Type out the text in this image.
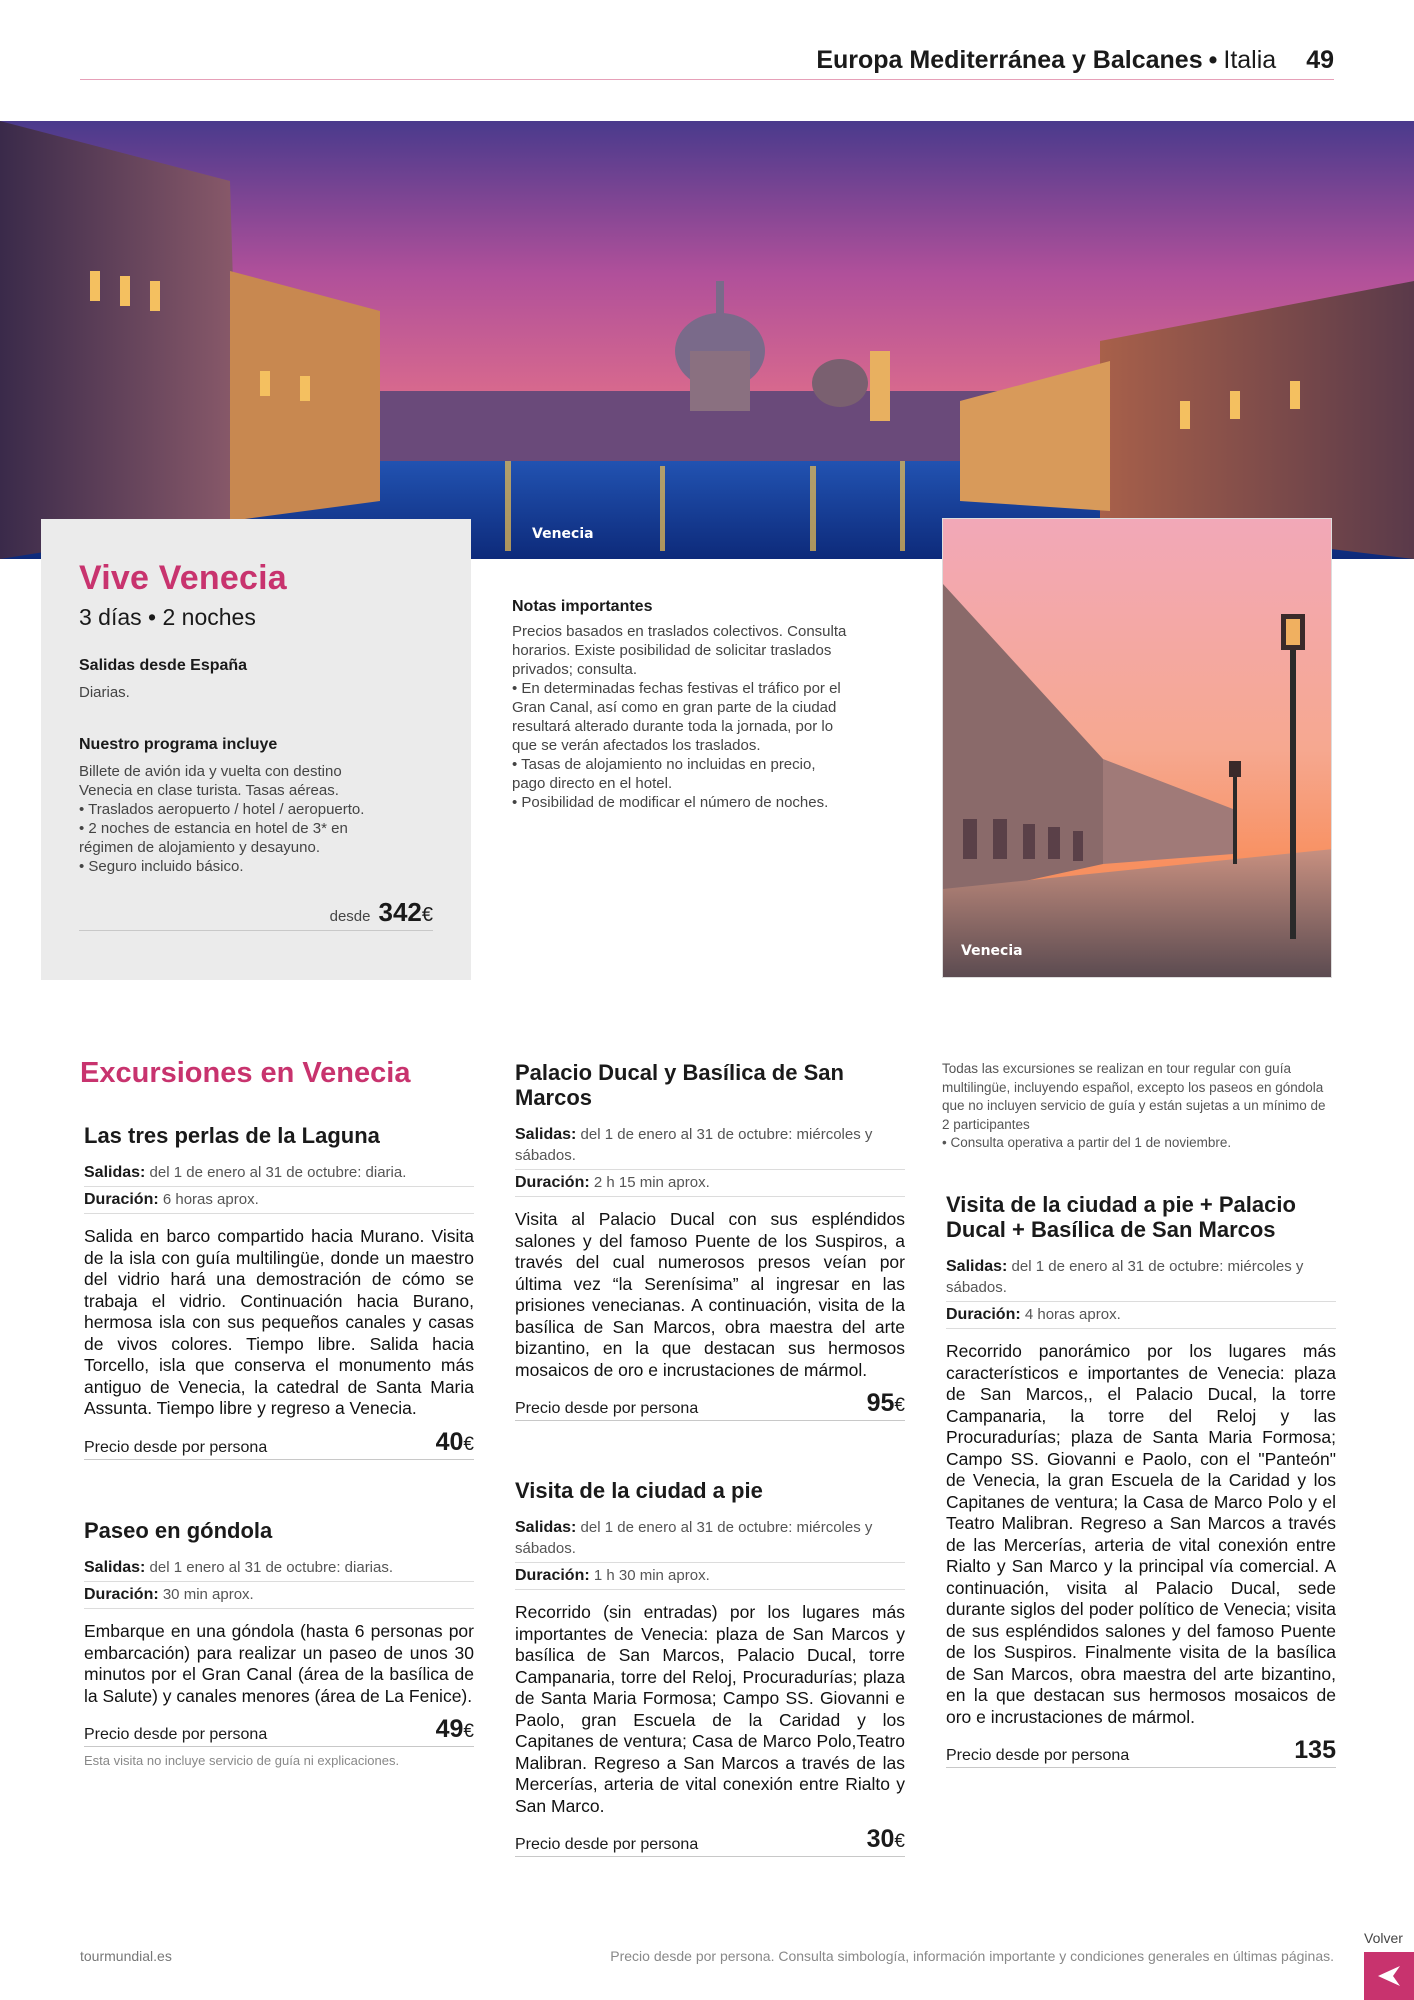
Europa Mediterránea y Balcanes • Italia 49
Venecia
Vive Venecia
3 días • 2 noches
Salidas desde España
Diarias.
Nuestro programa incluye
Billete de avión ida y vuelta con destino
Venecia en clase turista. Tasas aéreas.
• Traslados aeropuerto / hotel / aeropuerto.
• 2 noches de estancia en hotel de 3* en
régimen de alojamiento y desayuno.
• Seguro incluido básico.
desde 342€
Notas importantes
Precios basados en traslados colectivos. Consulta
horarios. Existe posibilidad de solicitar traslados
privados; consulta.
• En determinadas fechas festivas el tráfico por el
Gran Canal, así como en gran parte de la ciudad
resultará alterado durante toda la jornada, por lo
que se verán afectados los traslados.
• Tasas de alojamiento no incluidas en precio,
pago directo en el hotel.
• Posibilidad de modificar el número de noches.
Venecia
Excursiones en Venecia
Las tres perlas de la Laguna
Salidas: del 1 de enero al 31 de octubre: diaria.
Duración: 6 horas aprox.
Salida en barco compartido hacia Murano. Visita de la isla con guía multilingüe, donde un maestro del vidrio hará una demostración de cómo se trabaja el vidrio. Continuación hacia Burano, hermosa isla con sus pequeños canales y casas de vivos colores. Tiempo libre. Salida hacia Torcello, isla que conserva el monumento más antiguo de Venecia, la catedral de Santa Maria Assunta. Tiempo libre y regreso a Venecia.
Precio desde por persona	40€
Paseo en góndola
Salidas: del 1 enero al 31 de octubre: diarias.
Duración: 30 min aprox.
Embarque en una góndola (hasta 6 personas por embarcación) para realizar un paseo de unos 30 minutos por el Gran Canal (área de la basílica de la Salute) y canales menores (área de La Fenice).
Precio desde por persona	49€
Esta visita no incluye servicio de guía ni explicaciones.
Palacio Ducal y Basílica de San Marcos
Salidas: del 1 de enero al 31 de octubre: miércoles y sábados.
Duración: 2 h 15 min aprox.
Visita al Palacio Ducal con sus espléndidos salones y del famoso Puente de los Suspiros, a través del cual numerosos presos veían por última vez “la Serenísima” al ingresar en las prisiones venecianas. A continuación, visita de la basílica de San Marcos, obra maestra del arte bizantino, en la que destacan sus hermosos mosaicos de oro e incrustaciones de mármol.
Precio desde por persona	95€
Visita de la ciudad a pie
Salidas: del 1 de enero al 31 de octubre: miércoles y sábados.
Duración: 1 h 30 min aprox.
Recorrido (sin entradas) por los lugares más importantes de Venecia: plaza de San Marcos y basílica de San Marcos, Palacio Ducal, torre Campanaria, torre del Reloj, Procuradurías; plaza de Santa Maria Formosa; Campo SS. Giovanni e Paolo, gran Escuela de la Caridad y los Capitanes de ventura; Casa de Marco Polo,Teatro Malibran. Regreso a San Marcos a través de las Mercerías, arteria de vital conexión entre Rialto y San Marco.
Precio desde por persona	30€
Todas las excursiones se realizan en tour regular con guía multilingüe, incluyendo español, excepto los paseos en góndola que no incluyen servicio de guía y están sujetas a un mínimo de 2 participantes
• Consulta operativa a partir del 1 de noviembre.
Visita de la ciudad a pie + Palacio Ducal + Basílica de San Marcos
Salidas: del 1 de enero al 31 de octubre: miércoles y sábados.
Duración: 4 horas aprox.
Recorrido panorámico por los lugares más característicos e importantes de Venecia: plaza de San Marcos,, el Palacio Ducal, la torre Campanaria, la torre del Reloj y las Procuradurías; plaza de Santa Maria Formosa; Campo SS. Giovanni e Paolo, con el "Panteón" de Venecia, la gran Escuela de la Caridad y los Capitanes de ventura; la Casa de Marco Polo y el Teatro Malibran. Regreso a San Marcos a través de las Mercerías, arteria de vital conexión entre Rialto y San Marco y la principal vía comercial. A continuación, visita al Palacio Ducal, sede durante siglos del poder político de Venecia; visita de sus espléndidos salones y del famoso Puente de los Suspiros. Finalmente visita de la basílica de San Marcos, obra maestra del arte bizantino, en la que destacan sus hermosos mosaicos de oro e incrustaciones de mármol.
Precio desde por persona	135
tourmundial.es	Precio desde por persona. Consulta simbología, información importante y condiciones generales en últimas páginas.
Volver
